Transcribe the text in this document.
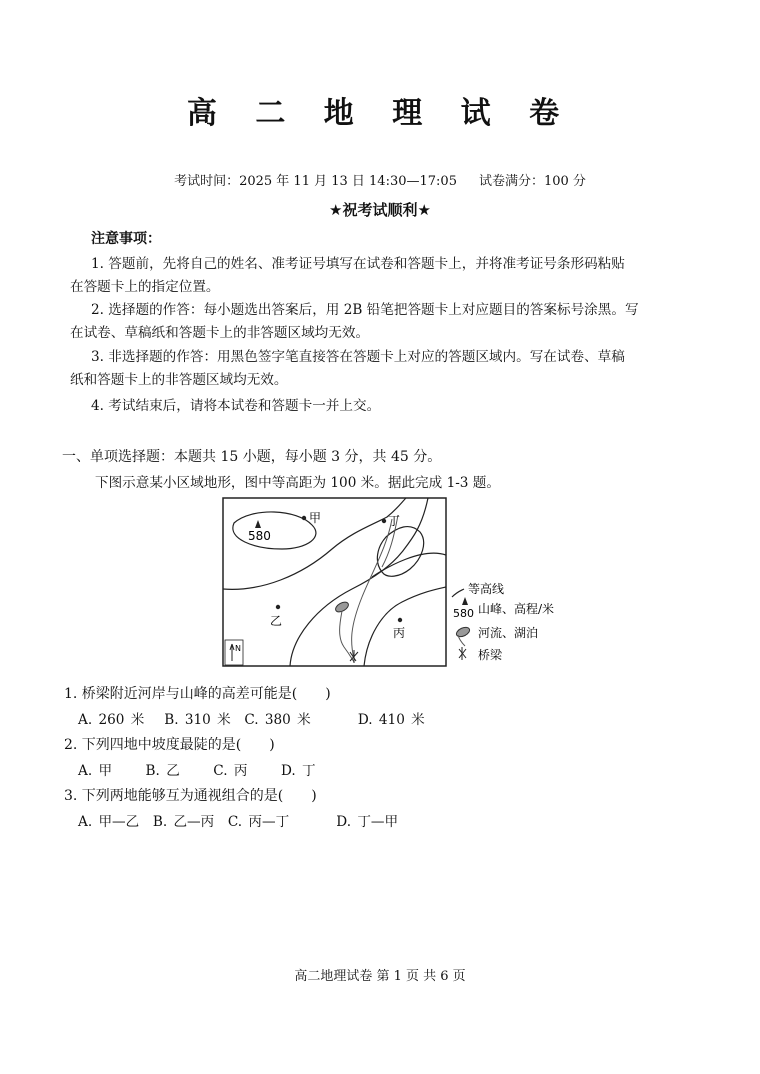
高 二 地 理 试 卷
考试时间：2025 年 11 月 13 日 14:30—17:05 试卷满分：100 分
★祝考试顺利★
注意事项：
1. 答题前，先将自己的姓名、准考证号填写在试卷和答题卡上，并将准考证号条形码粘贴
在答题卡上的指定位置。
2. 选择题的作答：每小题选出答案后，用 2B 铅笔把答题卡上对应题目的答案标号涂黑。写
在试卷、草稿纸和答题卡上的非答题区域均无效。
3. 非选择题的作答：用黑色签字笔直接答在答题卡上对应的答题区域内。写在试卷、草稿
纸和答题卡上的非答题区域均无效。
4. 考试结束后，请将本试卷和答题卡一并上交。
一、单项选择题：本题共 15 小题，每小题 3 分，共 45 分。
下图示意某小区域地形，图中等高距为 100 米。据此完成 1-3 题。
580
甲	丁
乙
丙
N
等高线
580 山峰、高程/米
河流、湖泊
桥梁
1. 桥梁附近河岸与山峰的高差可能是(　　)
A. 260 米　 B. 310 米　C. 380 米　　　 D. 410 米
2. 下列四地中坡度最陡的是(　　)
A. 甲　　 B. 乙　　 C. 丙　　 D. 丁
3. 下列两地能够互为通视组合的是(　　)
A. 甲—乙　B. 乙—丙　C. 丙—丁　　　 D. 丁—甲
高二地理试卷 第 1 页 共 6 页
